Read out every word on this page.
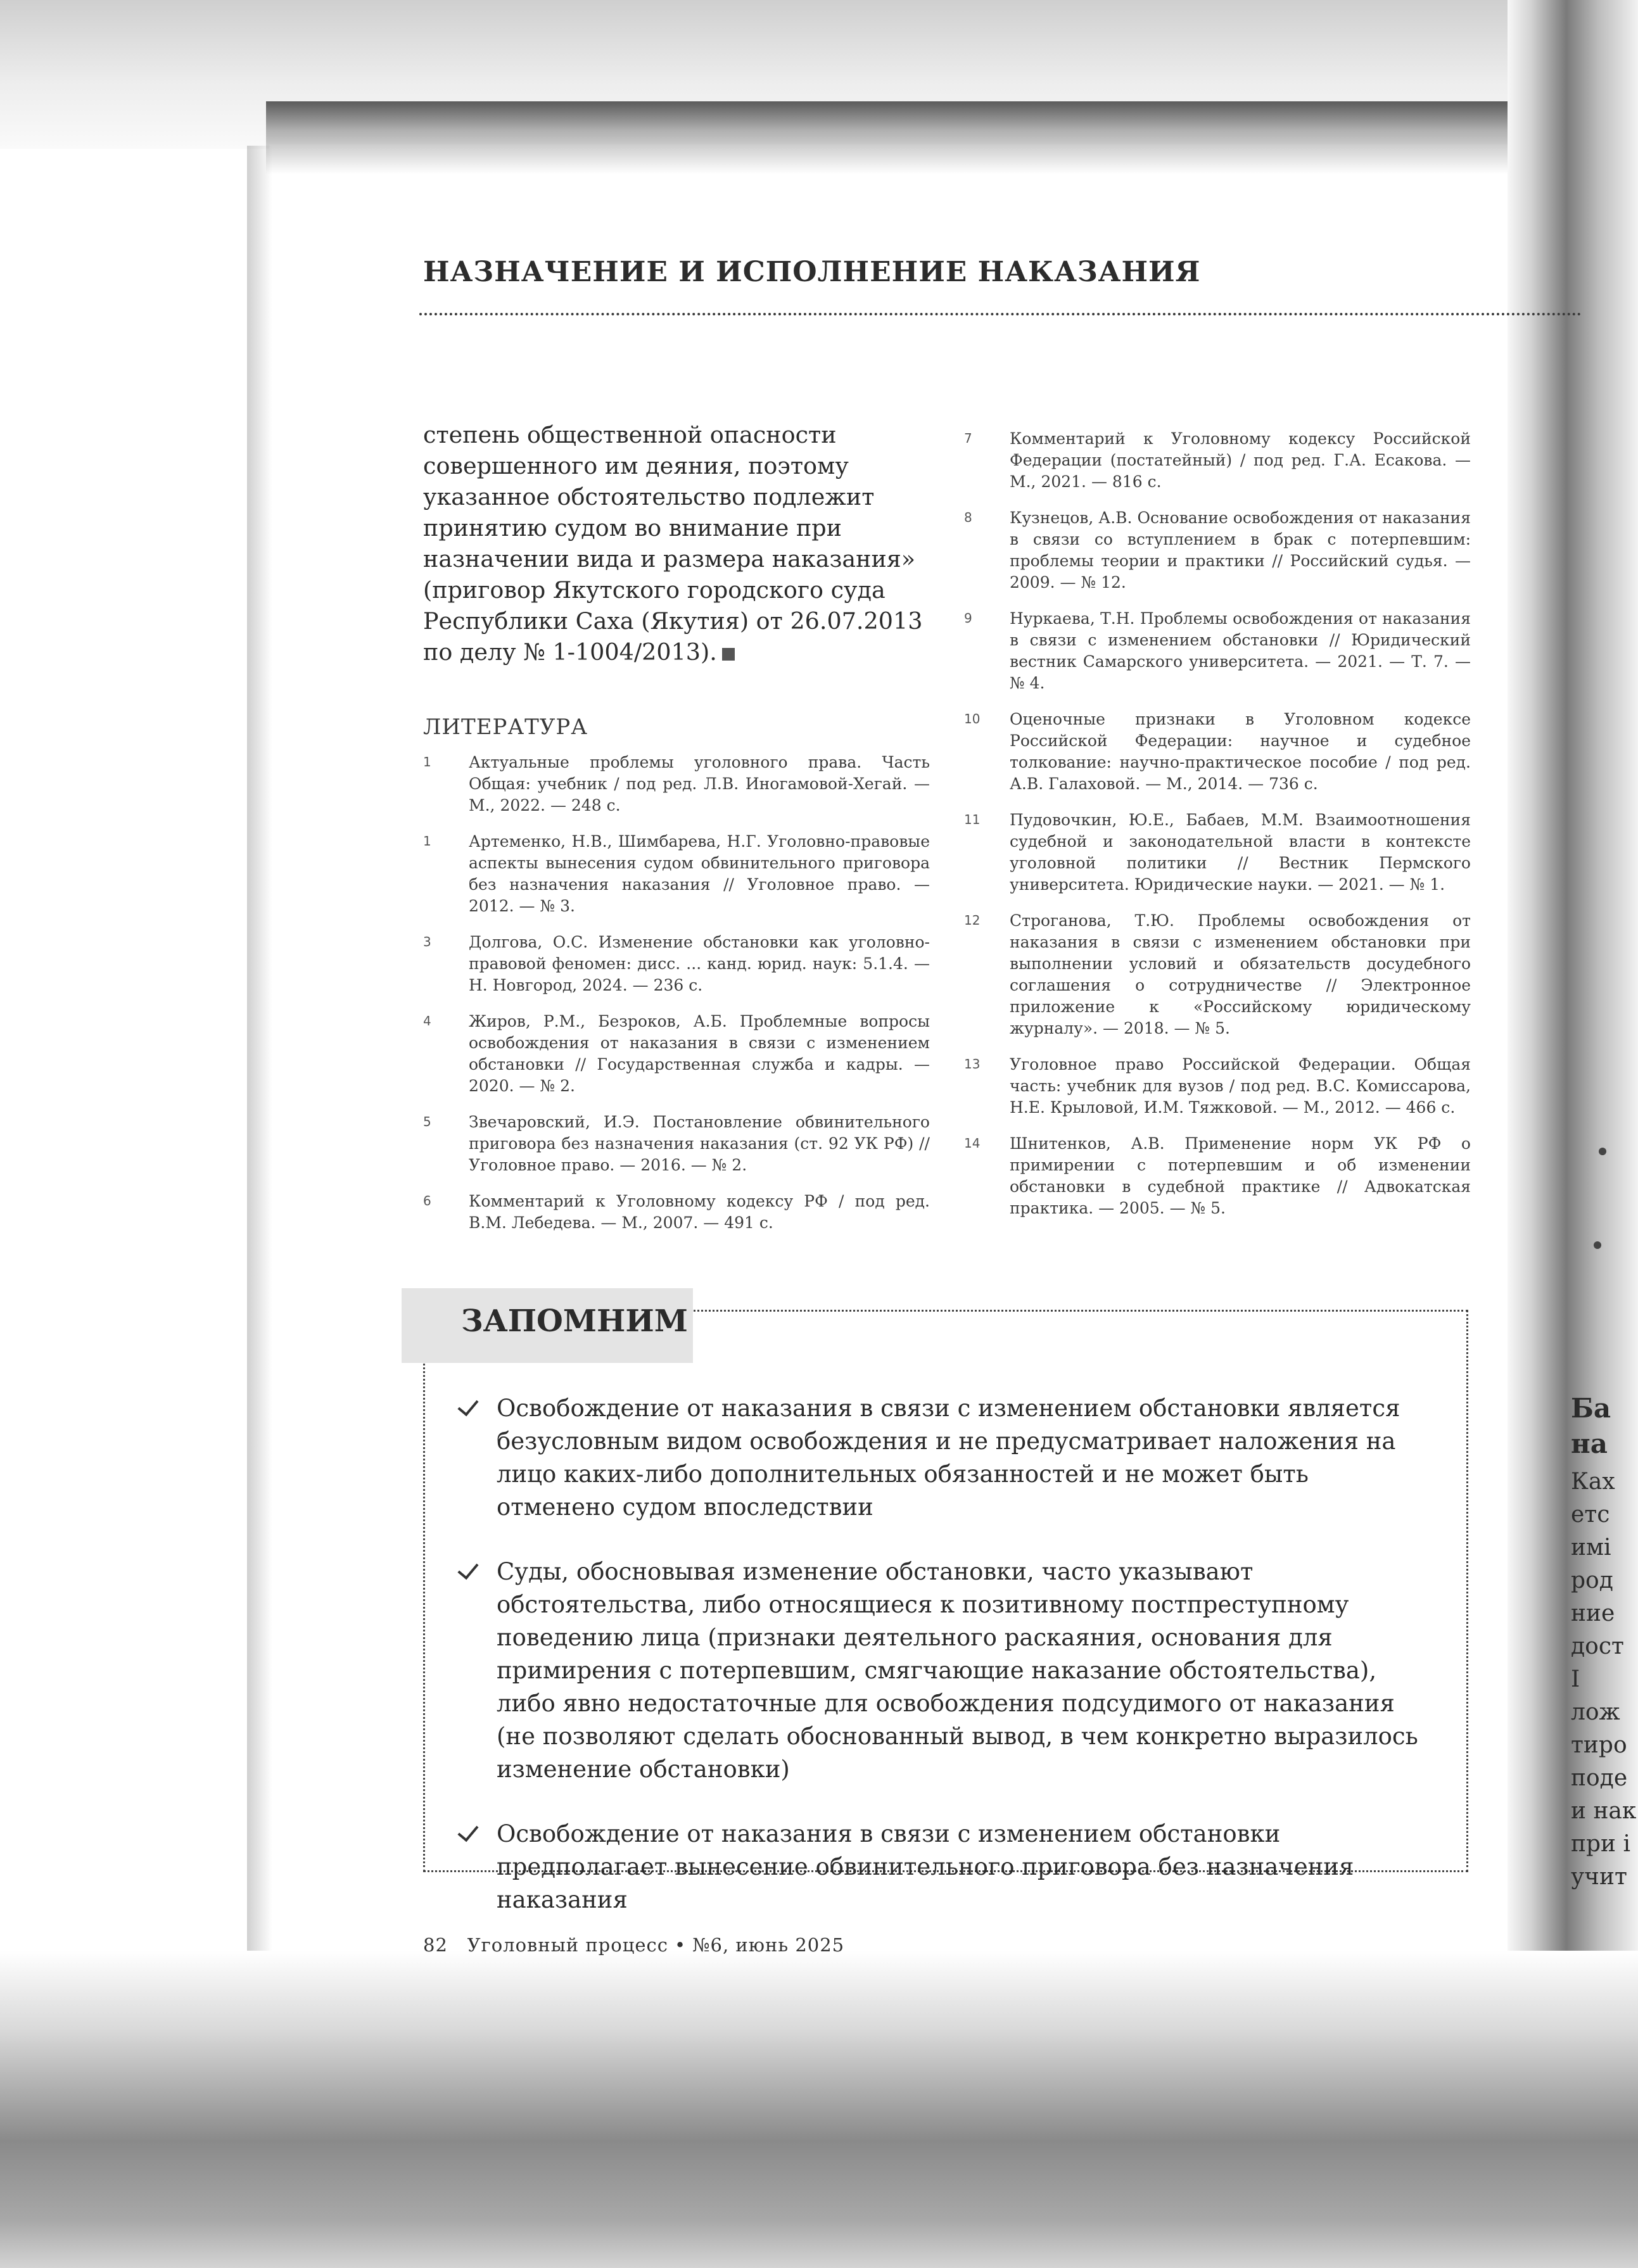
НАЗНАЧЕНИЕ И ИСПОЛНЕНИЕ НАКАЗАНИЯ

степень общественной опасности совершенного им деяния, поэтому указанное обстоятельство подлежит принятию судом во внимание при назначении вида и размера наказания» (приговор Якутского городского суда Республики Саха (Якутия) от 26.07.2013 по делу № 1-1004/2013).

ЛИТЕРАТУРА
1	Актуальные проблемы уголовного права. Часть Общая: учебник / под ред. Л.В. Иногамовой-Хегай. — М., 2022. — 248 с.
1	Артеменко, Н.В., Шимбарева, Н.Г. Уголовно-правовые аспекты вынесения судом обвинительного приговора без назначения наказания // Уголовное право. — 2012. — № 3.
3	Долгова, О.С. Изменение обстановки как уголовно-правовой феномен: дисс. ... канд. юрид. наук: 5.1.4. — Н. Новгород, 2024. — 236 с.
4	Жиров, Р.М., Безроков, А.Б. Проблемные вопросы освобождения от наказания в связи с изменением обстановки // Государственная служба и кадры. — 2020. — № 2.
5	Звечаровский, И.Э. Постановление обвинительного приговора без назначения наказания (ст. 92 УК РФ) // Уголовное право. — 2016. — № 2.
6	Комментарий к Уголовному кодексу РФ / под ред. В.М. Лебедева. — М., 2007. — 491 с.
7	Комментарий к Уголовному кодексу Российской Федерации (постатейный) / под ред. Г.А. Есакова. — М., 2021. — 816 с.
8	Кузнецов, А.В. Основание освобождения от наказания в связи со вступлением в брак с потерпевшим: проблемы теории и практики // Российский судья. — 2009. — № 12.
9	Нуркаева, Т.Н. Проблемы освобождения от наказания в связи с изменением обстановки // Юридический вестник Самарского университета. — 2021. — Т. 7. — № 4.
10	Оценочные признаки в Уголовном кодексе Российской Федерации: научное и судебное толкование: научно-практическое пособие / под ред. А.В. Галаховой. — М., 2014. — 736 с.
11	Пудовочкин, Ю.Е., Бабаев, М.М. Взаимоотношения судебной и законодательной власти в контексте уголовной политики // Вестник Пермского университета. Юридические науки. — 2021. — № 1.
12	Строганова, Т.Ю. Проблемы освобождения от наказания в связи с изменением обстановки при выполнении условий и обязательств досудебного соглашения о сотрудничестве // Электронное приложение к «Российскому юридическому журналу». — 2018. — № 5.
13	Уголовное право Российской Федерации. Общая часть: учебник для вузов / под ред. В.С. Комиссарова, Н.Е. Крыловой, И.М. Тяжковой. — М., 2012. — 466 с.
14	Шнитенков, А.В. Применение норм УК РФ о примирении с потерпевшим и об изменении обстановки в судебной практике // Адвокатская практика. — 2005. — № 5.
ЗАПОМНИМ
Освобождение от наказания в связи с изменением обстановки является безусловным видом освобождения и не предусматривает наложения на лицо каких-либо дополнительных обязанностей и не может быть отменено судом впоследствии
Суды, обосновывая изменение обстановки, часто указывают обстоятельства, либо относящиеся к позитивному постпреступному поведению лица (признаки деятельного раскаяния, основания для примирения с потерпевшим, смягчающие наказание обстоятельства), либо явно недостаточные для освобождения подсудимого от наказания (не позволяют сделать обоснованный вывод, в чем конкретно выразилось изменение обстановки)
Освобождение от наказания в связи с изменением обстановки предполагает вынесение обвинительного приговора без назначения наказания
82 Уголовный процесс • №6, июнь 2025
Ба
на
Ках
етс
имі
род
ние
дост
І
лож
тиро
поде
и нак
при і
учит
